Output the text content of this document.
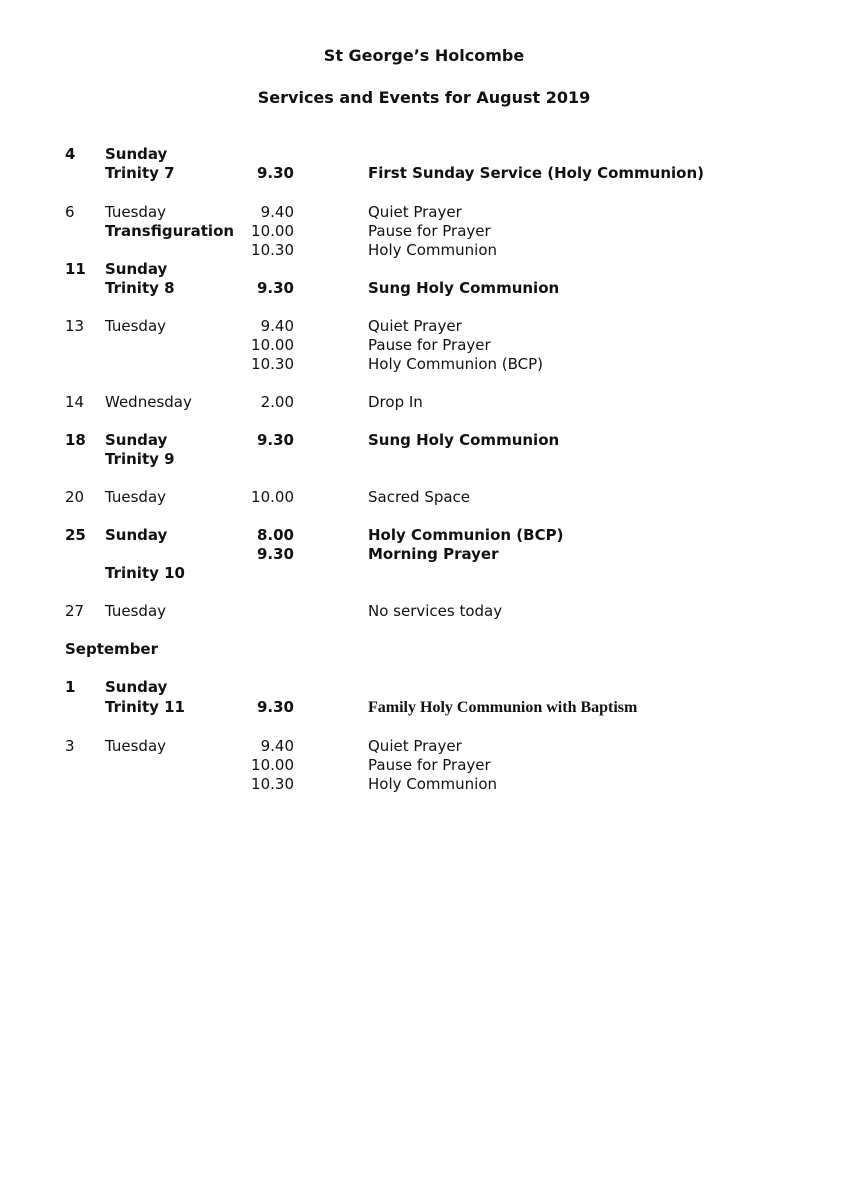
St George’s Holcombe
Services and Events for August 2019
4 Sunday
Trinity 7	9.30	First Sunday Service (Holy Communion)
6 Tuesday	9.40	Quiet Prayer
Transfiguration	10.00	Pause for Prayer
10.30	Holy Communion
11 Sunday
Trinity 8	9.30	Sung Holy Communion
13 Tuesday	9.40	Quiet Prayer
10.00	Pause for Prayer
10.30	Holy Communion (BCP)
14 Wednesday	2.00	Drop In
18 Sunday	9.30	Sung Holy Communion
Trinity 9
20 Tuesday	10.00	Sacred Space
25 Sunday	8.00	Holy Communion (BCP)
9.30	Morning Prayer
Trinity 10
27 Tuesday	No services today
September
1 Sunday
Trinity 11	9.30	Family Holy Communion with Baptism
3 Tuesday	9.40	Quiet Prayer
10.00	Pause for Prayer
10.30	Holy Communion
